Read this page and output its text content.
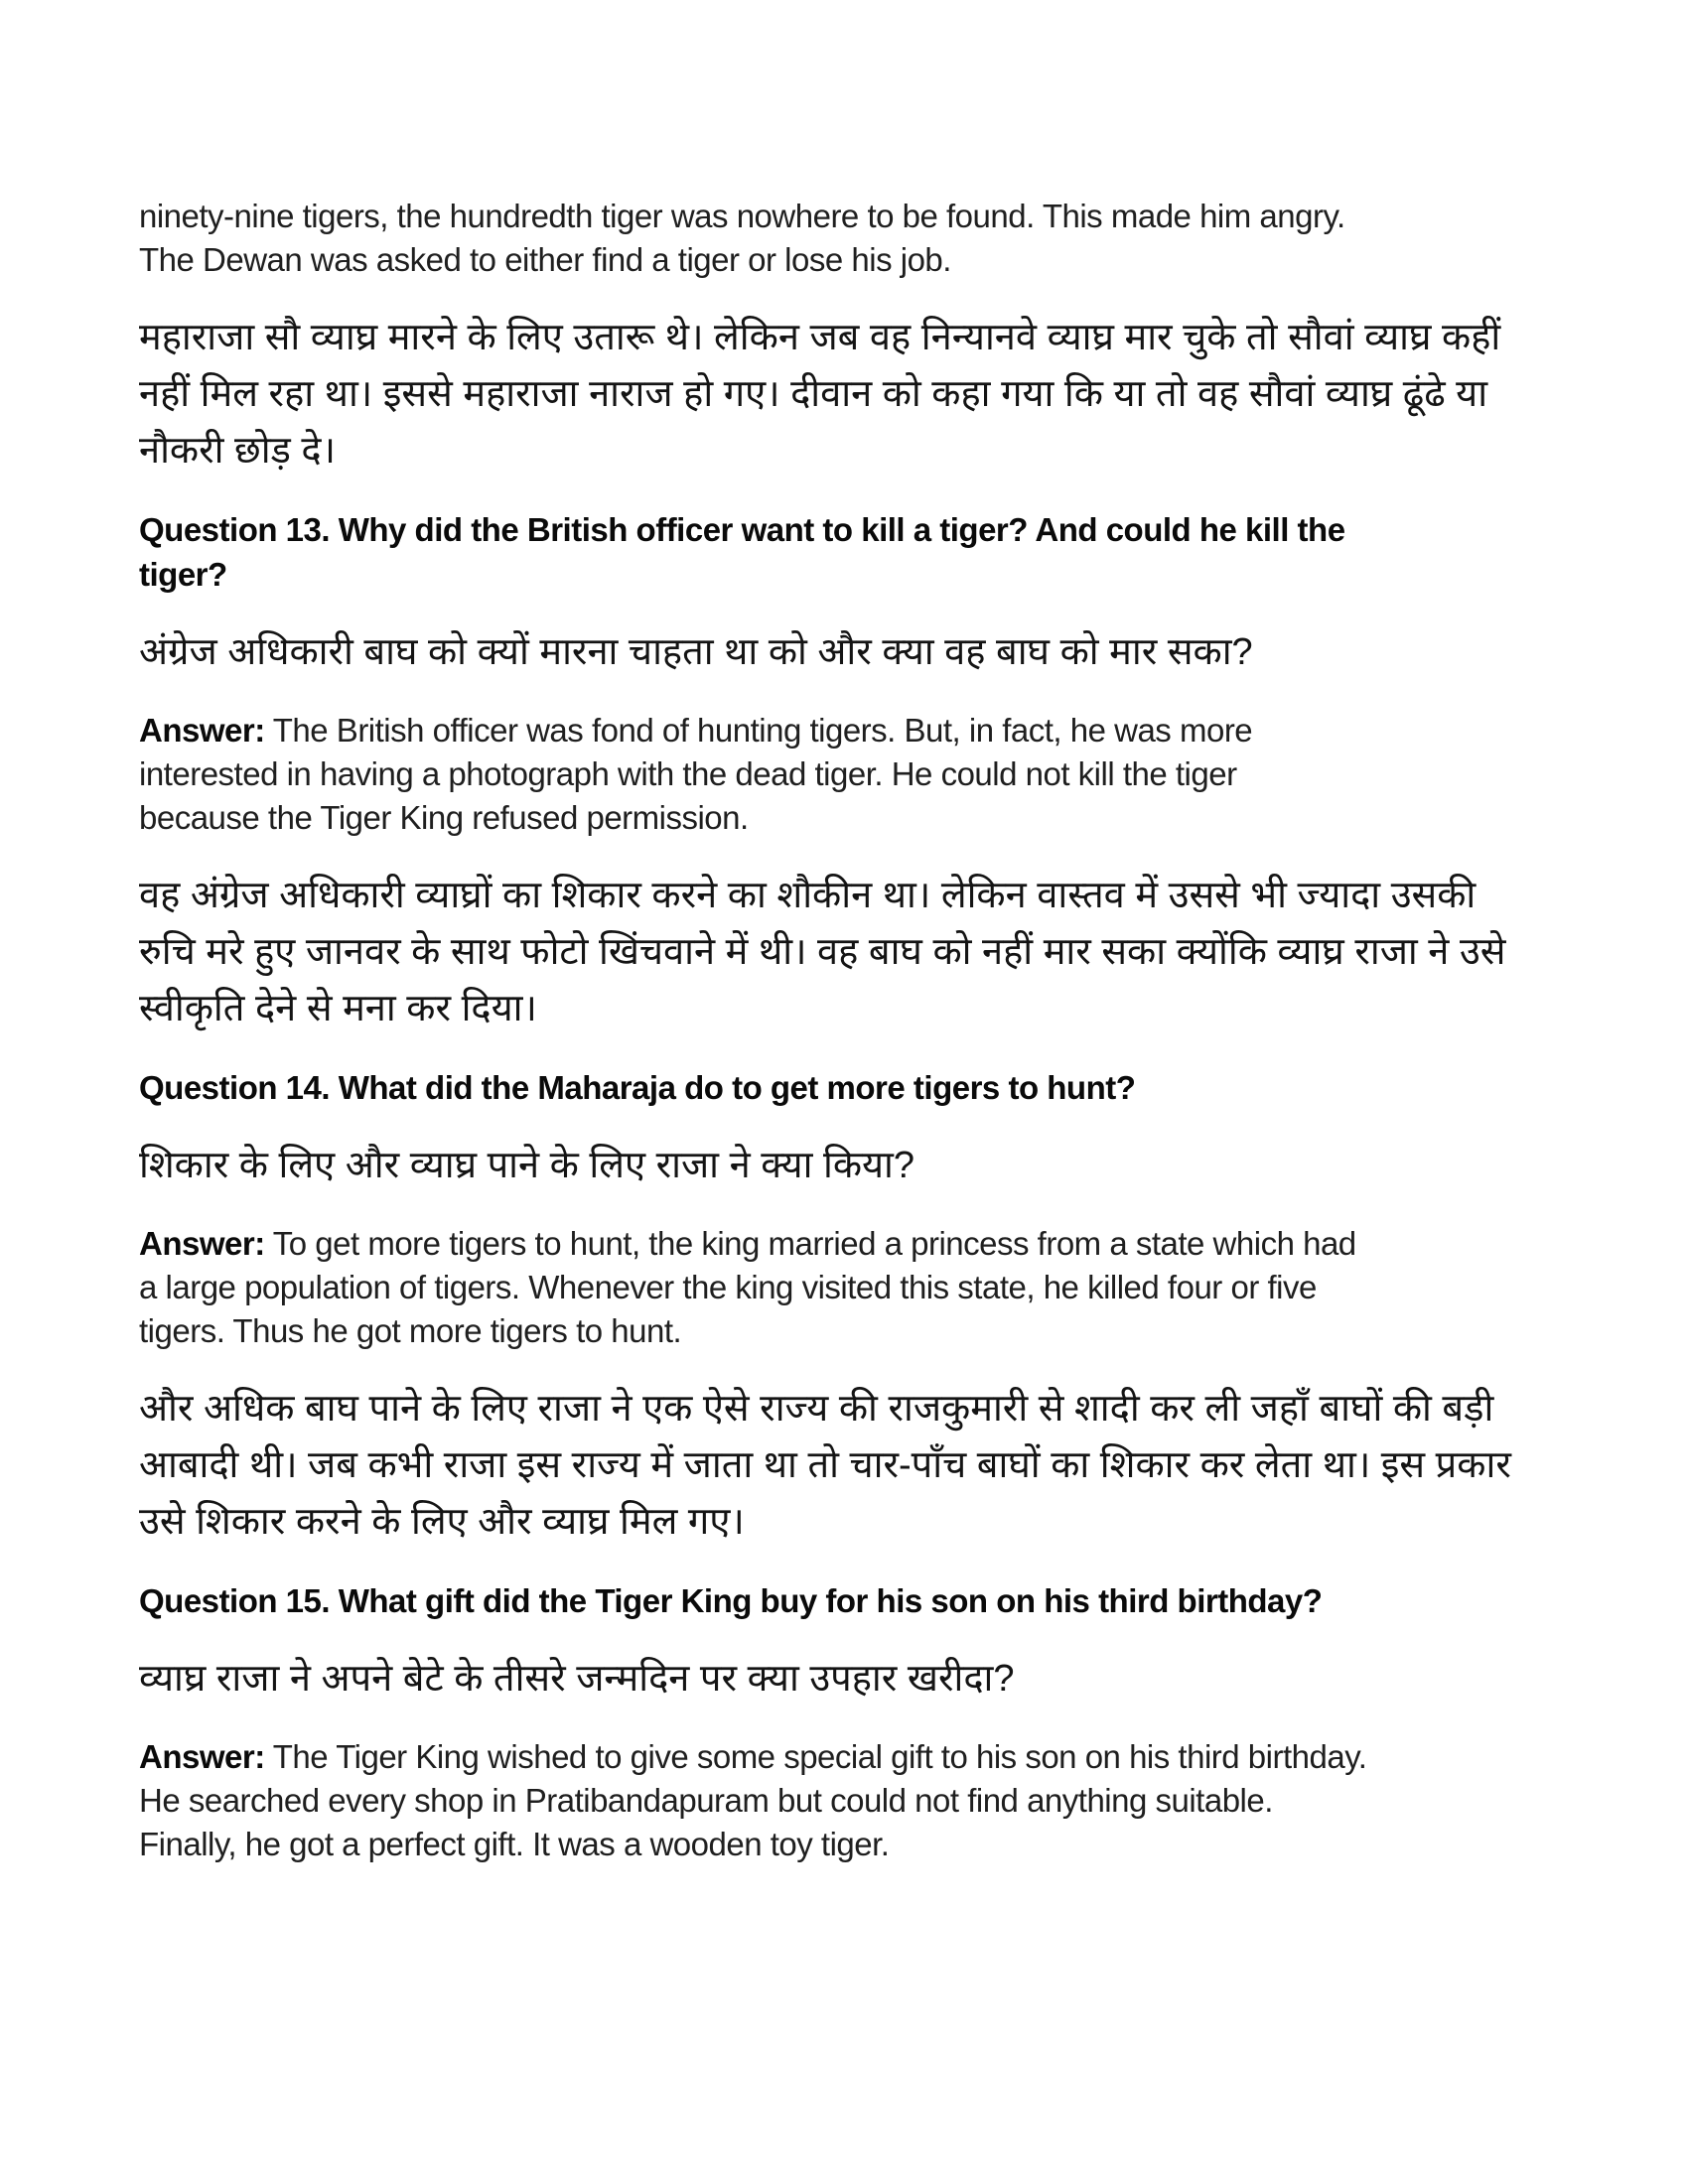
ninety-nine tigers, the hundredth tiger was nowhere to be found. This made him angry.
The Dewan was asked to either find a tiger or lose his job.
महाराजा सौ व्याघ्र मारने के लिए उतारू थे। लेकिन जब वह निन्यानवे व्याघ्र मार चुके तो सौवां व्याघ्र कहीं
नहीं मिल रहा था। इससे महाराजा नाराज हो गए। दीवान को कहा गया कि या तो वह सौवां व्याघ्र ढूंढे या
नौकरी छोड़ दे।
Question 13. Why did the British officer want to kill a tiger? And could he kill the
tiger?
अंग्रेज अधिकारी बाघ को क्यों मारना चाहता था को और क्या वह बाघ को मार सका?
Answer: The British officer was fond of hunting tigers. But, in fact, he was more
interested in having a photograph with the dead tiger. He could not kill the tiger
because the Tiger King refused permission.
वह अंग्रेज अधिकारी व्याघ्रों का शिकार करने का शौकीन था। लेकिन वास्तव में उससे भी ज्यादा उसकी
रुचि मरे हुए जानवर के साथ फोटो खिंचवाने में थी। वह बाघ को नहीं मार सका क्योंकि व्याघ्र राजा ने उसे
स्वीकृति देने से मना कर दिया।
Question 14. What did the Maharaja do to get more tigers to hunt?
शिकार के लिए और व्याघ्र पाने के लिए राजा ने क्या किया?
Answer: To get more tigers to hunt, the king married a princess from a state which had
a large population of tigers. Whenever the king visited this state, he killed four or five
tigers. Thus he got more tigers to hunt.
और अधिक बाघ पाने के लिए राजा ने एक ऐसे राज्य की राजकुमारी से शादी कर ली जहाँ बाघों की बड़ी
आबादी थी। जब कभी राजा इस राज्य में जाता था तो चार-पाँच बाघों का शिकार कर लेता था। इस प्रकार
उसे शिकार करने के लिए और व्याघ्र मिल गए।
Question 15. What gift did the Tiger King buy for his son on his third birthday?
व्याघ्र राजा ने अपने बेटे के तीसरे जन्मदिन पर क्या उपहार खरीदा?
Answer: The Tiger King wished to give some special gift to his son on his third birthday.
He searched every shop in Pratibandapuram but could not find anything suitable.
Finally, he got a perfect gift. It was a wooden toy tiger.
